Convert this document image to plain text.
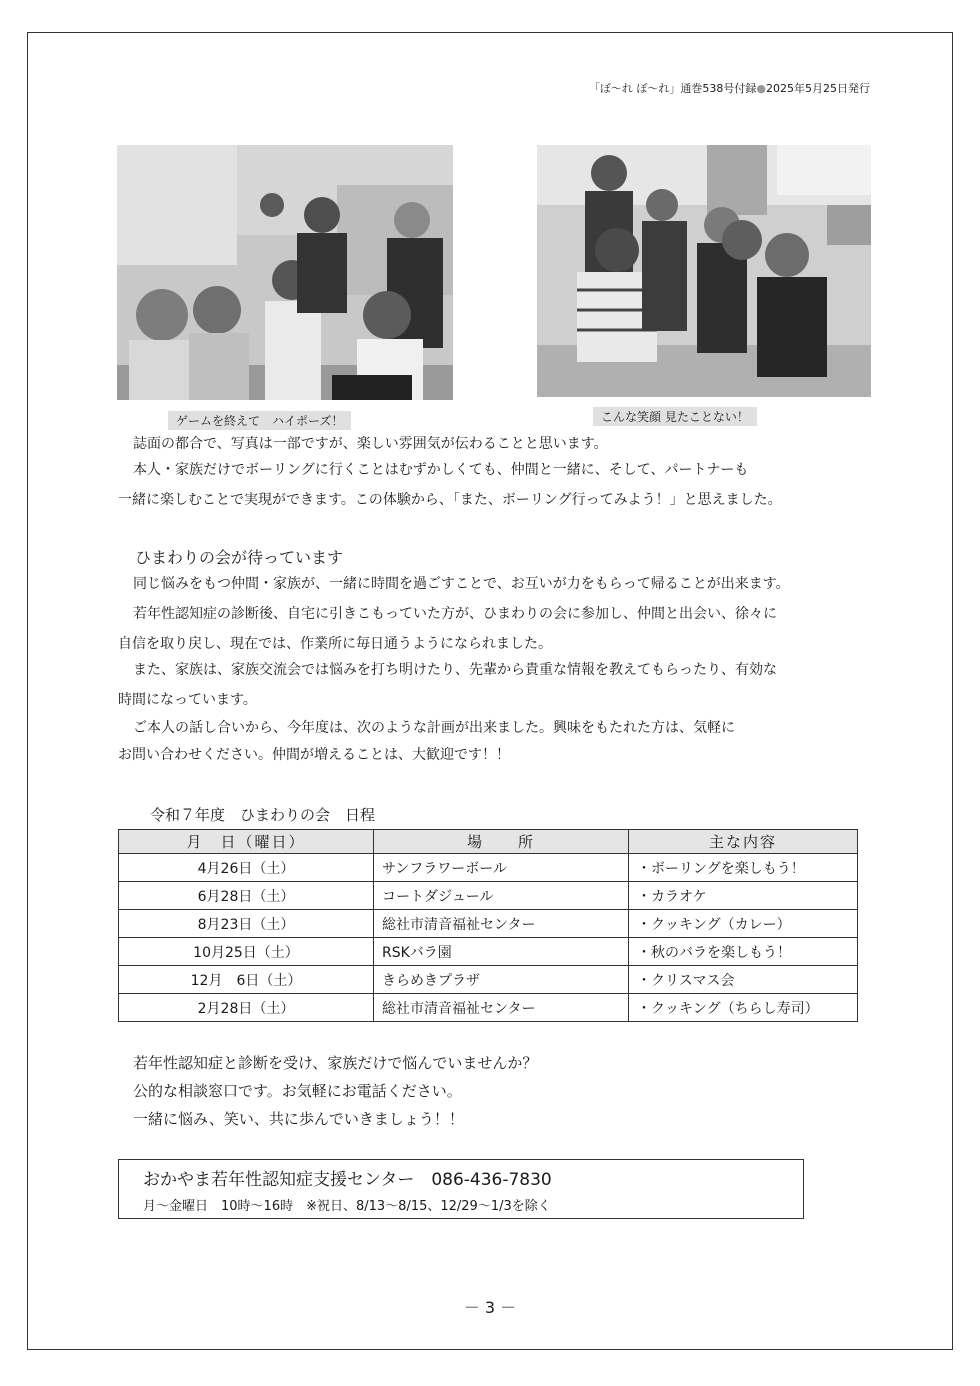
「ぽ～れ ぽ～れ」通巻538号付録●2025年5月25日発行
ゲームを終えて　ハイポーズ！	こんな笑顔 見たことない！
誌面の都合で、写真は一部ですが、楽しい雰囲気が伝わることと思います。
本人・家族だけでボーリングに行くことはむずかしくても、仲間と一緒に、そして、パートナーも
一緒に楽しむことで実現ができます。この体験から、「また、ボーリング行ってみよう！」と思えました。
ひまわりの会が待っています
同じ悩みをもつ仲間・家族が、一緒に時間を過ごすことで、お互いが力をもらって帰ることが出来ます。
若年性認知症の診断後、自宅に引きこもっていた方が、ひまわりの会に参加し、仲間と出会い、徐々に
自信を取り戻し、現在では、作業所に毎日通うようになられました。
また、家族は、家族交流会では悩みを打ち明けたり、先輩から貴重な情報を教えてもらったり、有効な
時間になっています。
ご本人の話し合いから、今年度は、次のような計画が出来ました。興味をもたれた方は、気軽に
お問い合わせください。仲間が増えることは、大歓迎です！！
令和７年度　ひまわりの会　日程
月　日（曜日）	場　　所	主な内容
4月26日（土）	サンフラワーボール	・ボーリングを楽しもう！
6月28日（土）	コートダジュール	・カラオケ
8月23日（土）	総社市清音福祉センター	・クッキング（カレー）
10月25日（土）	RSKバラ園	・秋のバラを楽しもう！
12月　6日（土）	きらめきプラザ	・クリスマス会
2月28日（土）	総社市清音福祉センター	・クッキング（ちらし寿司）
若年性認知症と診断を受け、家族だけで悩んでいませんか？
公的な相談窓口です。お気軽にお電話ください。
一緒に悩み、笑い、共に歩んでいきましょう！！
おかやま若年性認知症支援センター　086-436-7830
月～金曜日　10時～16時　※祝日、8/13～8/15、12/29～1/3を除く
－ 3 －
